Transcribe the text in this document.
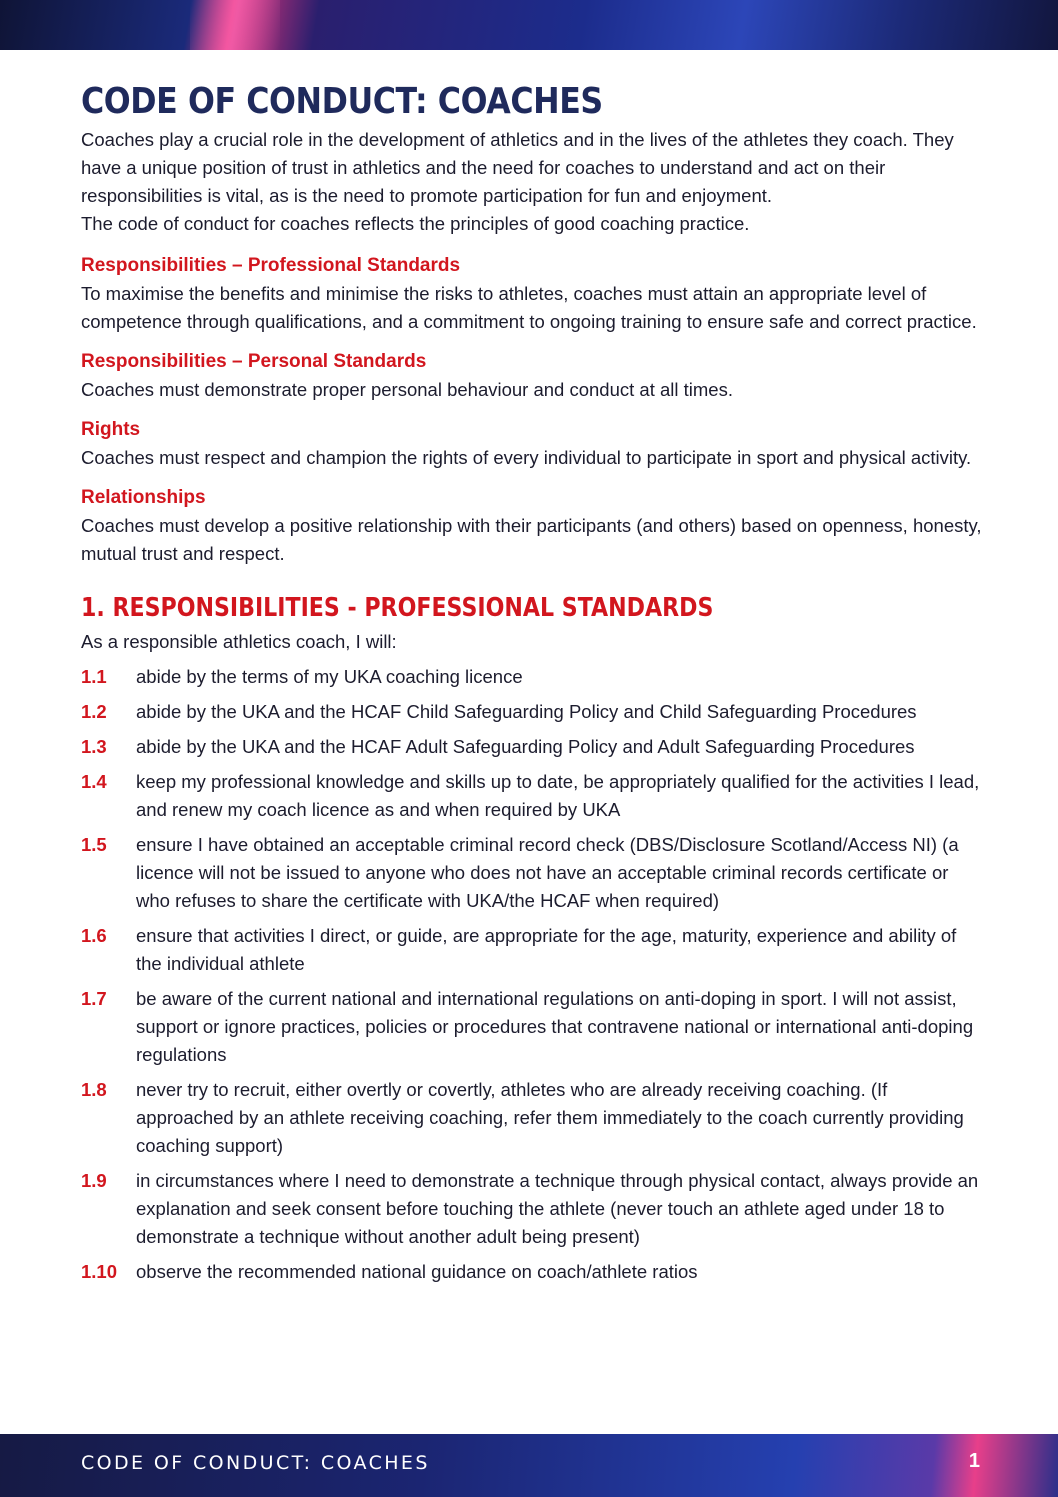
CODE OF CONDUCT: COACHES

Coaches play a crucial role in the development of athletics and in the lives of the athletes they coach. They have a unique position of trust in athletics and the need for coaches to understand and act on their responsibilities is vital, as is the need to promote participation for fun and enjoyment.

The code of conduct for coaches reflects the principles of good coaching practice.

Responsibilities – Professional Standards

To maximise the benefits and minimise the risks to athletes, coaches must attain an appropriate level of competence through qualifications, and a commitment to ongoing training to ensure safe and correct practice.

Responsibilities – Personal Standards

Coaches must demonstrate proper personal behaviour and conduct at all times.

Rights

Coaches must respect and champion the rights of every individual to participate in sport and physical activity.

Relationships

Coaches must develop a positive relationship with their participants (and others) based on openness, honesty, mutual trust and respect.

1. RESPONSIBILITIES - PROFESSIONAL STANDARDS

As a responsible athletics coach, I will:

1.1	abide by the terms of my UKA coaching licence
1.2	abide by the UKA and the HCAF Child Safeguarding Policy and Child Safeguarding Procedures
1.3	abide by the UKA and the HCAF Adult Safeguarding Policy and Adult Safeguarding Procedures
1.4	keep my professional knowledge and skills up to date, be appropriately qualified for the activities I lead, and renew my coach licence as and when required by UKA
1.5	ensure I have obtained an acceptable criminal record check (DBS/Disclosure Scotland/Access NI) (a licence will not be issued to anyone who does not have an acceptable criminal records certificate or who refuses to share the certificate with UKA/the HCAF when required)
1.6	ensure that activities I direct, or guide, are appropriate for the age, maturity, experience and ability of the individual athlete
1.7	be aware of the current national and international regulations on anti-doping in sport. I will not assist, support or ignore practices, policies or procedures that contravene national or international anti-doping regulations
1.8	never try to recruit, either overtly or covertly, athletes who are already receiving coaching. (If approached by an athlete receiving coaching, refer them immediately to the coach currently providing coaching support)
1.9	in circumstances where I need to demonstrate a technique through physical contact, always provide an explanation and seek consent before touching the athlete (never touch an athlete aged under 18 to demonstrate a technique without another adult being present)
1.10	observe the recommended national guidance on coach/athlete ratios

CODE OF CONDUCT: COACHES	1
